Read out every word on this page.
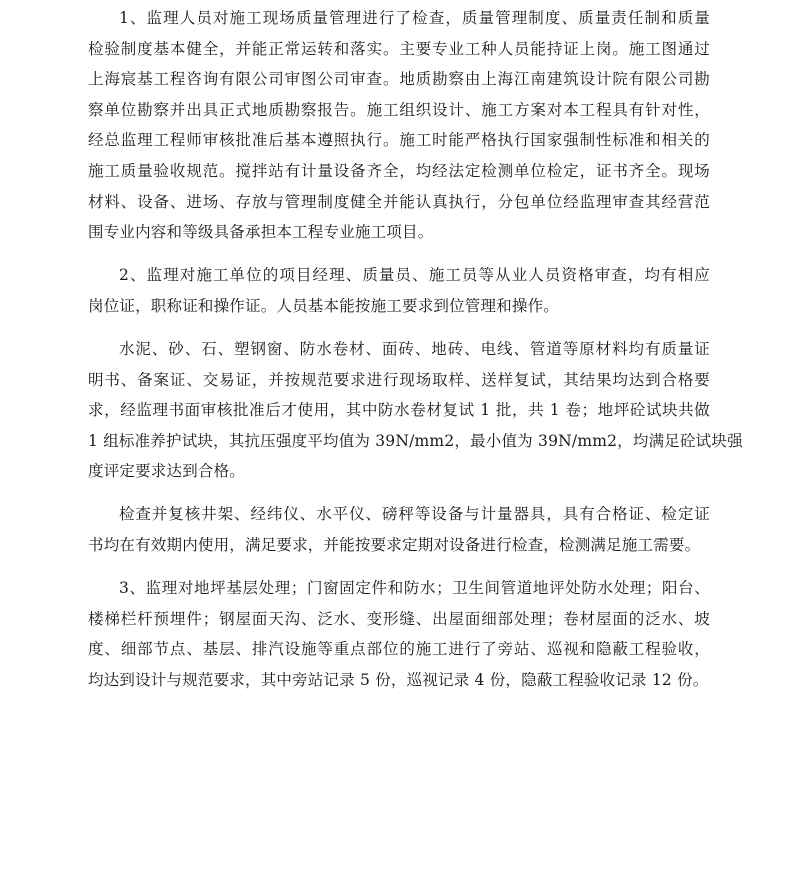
1、监理人员对施工现场质量管理进行了检查，质量管理制度、质量责任制和质量
检验制度基本健全，并能正常运转和落实。主要专业工种人员能持证上岗。施工图通过
上海宸基工程咨询有限公司审图公司审查。地质勘察由上海江南建筑设计院有限公司勘
察单位勘察并出具正式地质勘察报告。施工组织设计、施工方案对本工程具有针对性，
经总监理工程师审核批准后基本遵照执行。施工时能严格执行国家强制性标准和相关的
施工质量验收规范。搅拌站有计量设备齐全，均经法定检测单位检定，证书齐全。现场
材料、设备、进场、存放与管理制度健全并能认真执行，分包单位经监理审查其经营范
围专业内容和等级具备承担本工程专业施工项目。
2、监理对施工单位的项目经理、质量员、施工员等从业人员资格审查，均有相应
岗位证，职称证和操作证。人员基本能按施工要求到位管理和操作。
水泥、砂、石、塑钢窗、防水卷材、面砖、地砖、电线、管道等原材料均有质量证
明书、备案证、交易证，并按规范要求进行现场取样、送样复试，其结果均达到合格要
求，经监理书面审核批准后才使用，其中防水卷材复试 1 批，共 1 卷；地坪砼试块共做
1 组标准养护试块，其抗压强度平均值为 39N/mm2，最小值为 39N/mm2，均满足砼试块强
度评定要求达到合格。
检查并复核井架、经纬仪、水平仪、磅秤等设备与计量器具，具有合格证、检定证
书均在有效期内使用，满足要求，并能按要求定期对设备进行检查，检测满足施工需要。
3、监理对地坪基层处理；门窗固定件和防水；卫生间管道地评处防水处理；阳台、
楼梯栏杆预埋件；钢屋面天沟、泛水、变形缝、出屋面细部处理；卷材屋面的泛水、坡
度、细部节点、基层、排汽设施等重点部位的施工进行了旁站、巡视和隐蔽工程验收，
均达到设计与规范要求，其中旁站记录 5 份，巡视记录 4 份，隐蔽工程验收记录 12 份。
